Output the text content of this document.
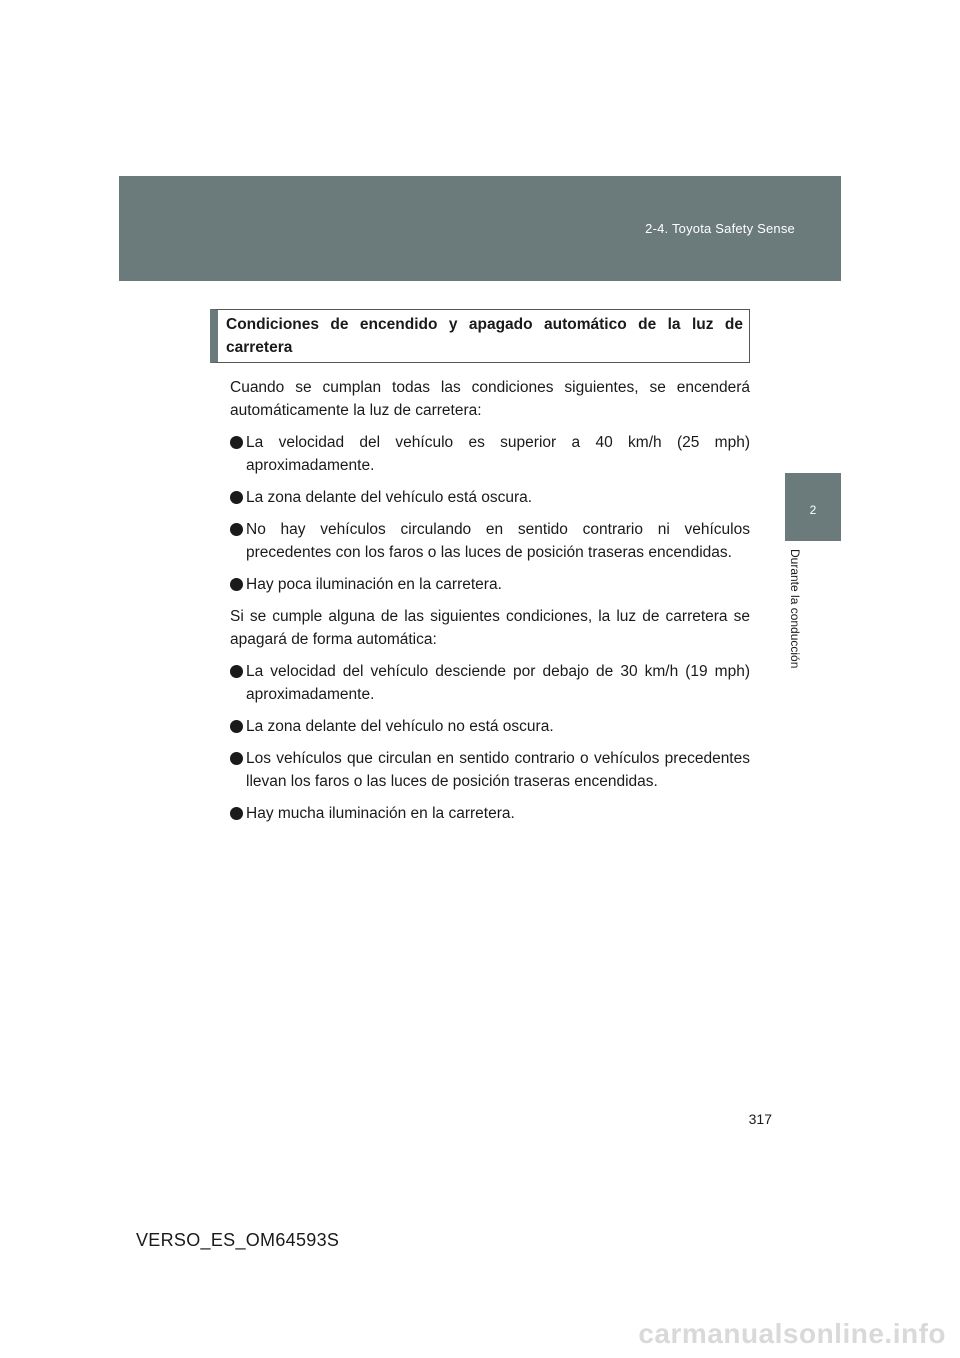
2-4. Toyota Safety Sense
2
Durante la conducción
Condiciones de encendido y apagado automático de la luz de carretera

Cuando se cumplan todas las condiciones siguientes, se encenderá automáticamente la luz de carretera:

La velocidad del vehículo es superior a 40 km/h (25 mph) aproximadamente.
La zona delante del vehículo está oscura.
No hay vehículos circulando en sentido contrario ni vehículos precedentes con los faros o las luces de posición traseras encendidas.
Hay poca iluminación en la carretera.

Si se cumple alguna de las siguientes condiciones, la luz de carretera se apagará de forma automática:

La velocidad del vehículo desciende por debajo de 30 km/h (19 mph) aproximadamente.
La zona delante del vehículo no está oscura.
Los vehículos que circulan en sentido contrario o vehículos precedentes llevan los faros o las luces de posición traseras encendidas.
Hay mucha iluminación en la carretera.
317
VERSO_ES_OM64593S
carmanualsonline.info
